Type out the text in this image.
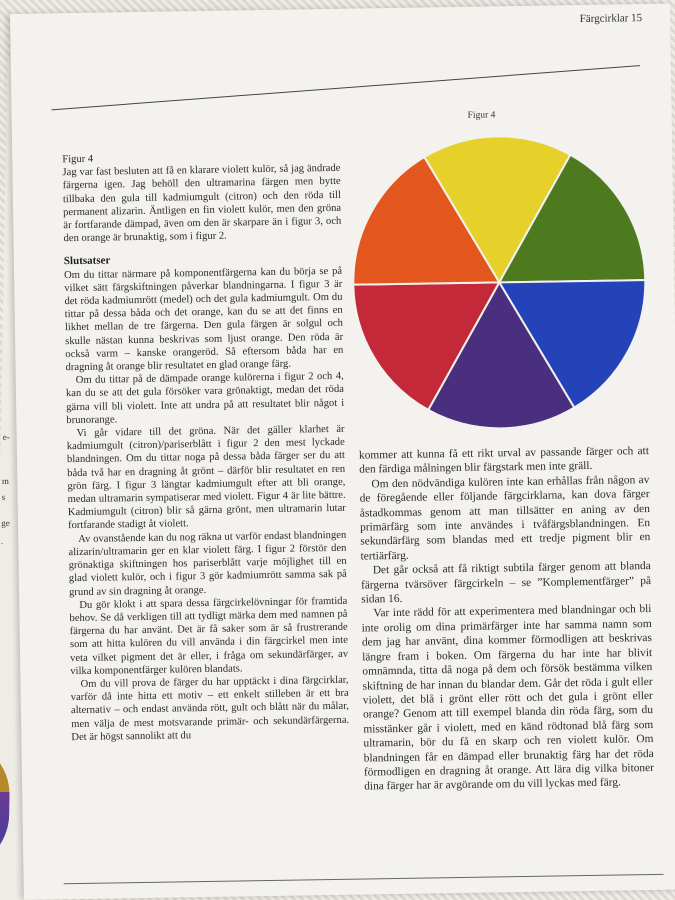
e-
m
s
ge
.
Färgcirklar 15
Figur 4
Figur 4

Jag var fast besluten att få en klarare violett kulör, så jag ändrade färgerna igen. Jag behöll den ultramarina färgen men bytte tillbaka den gula till kadmiumgult (citron) och den röda till permanent alizarin. Äntligen en fin violett kulör, men den gröna är fortfarande dämpad, även om den är skarpare än i figur 3, och den orange är brunaktig, som i figur 2.

Slutsatser

Om du tittar närmare på komponentfärgerna kan du börja se på vilket sätt färgskiftningen påverkar blandningarna. I figur 3 är det röda kadmiumrött (medel) och det gula kadmiumgult. Om du tittar på dessa båda och det orange, kan du se att det finns en likhet mellan de tre färgerna. Den gula färgen är solgul och skulle nästan kunna beskrivas som ljust orange. Den röda är också varm – kanske orangeröd. Så eftersom båda har en dragning åt orange blir resultatet en glad orange färg.

Om du tittar på de dämpade orange kulörerna i figur 2 och 4, kan du se att det gula försöker vara grönaktigt, medan det röda gärna vill bli violett. Inte att undra på att resultatet blir något i brunorange.

Vi går vidare till det gröna. När det gäller klarhet är kadmiumgult (citron)/pariserblått i figur 2 den mest lyckade blandningen. Om du tittar noga på dessa båda färger ser du att båda två har en dragning åt grönt – därför blir resultatet en ren grön färg. I figur 3 längtar kadmiumgult efter att bli orange, medan ultramarin sympatiserar med violett. Figur 4 är lite bättre. Kadmiumgult (citron) blir så gärna grönt, men ultramarin lutar fortfarande stadigt åt violett.

Av ovanstående kan du nog räkna ut varför endast blandningen alizarin/ultramarin ger en klar violett färg. I figur 2 förstör den grönaktiga skiftningen hos pariserblått varje möjlighet till en glad violett kulör, och i figur 3 gör kadmiumrött samma sak på grund av sin dragning åt orange.

Du gör klokt i att spara dessa färgcirkelövningar för framtida behov. Se då verkligen till att tydligt märka dem med namnen på färgerna du har använt. Det är få saker som är så frustrerande som att hitta kulören du vill använda i din färgcirkel men inte veta vilket pigment det är eller, i fråga om sekundärfärger, av vilka komponentfärger kulören blandats.

Om du vill prova de färger du har upptäckt i dina färgcirklar, varför då inte hitta ett motiv – ett enkelt stilleben är ett bra alternativ – och endast använda rött, gult och blått när du målar, men välja de mest motsvarande primär- och sekundärfärgerna. Det är högst sannolikt att du

kommer att kunna få ett rikt urval av passande färger och att den färdiga målningen blir färgstark men inte gräll.

Om den nödvändiga kulören inte kan erhållas från någon av de föregående eller följande färgcirklarna, kan dova färger åstadkommas genom att man tillsätter en aning av den primärfärg som inte användes i tvåfärgsblandningen. En sekundärfärg som blandas med ett tredje pigment blir en tertiärfärg.

Det går också att få riktigt subtila färger genom att blanda färgerna tvärsöver färgcirkeln – se ”Komplementfärger” på sidan 16.

Var inte rädd för att experimentera med blandningar och bli inte orolig om dina primärfärger inte har samma namn som dem jag har använt, dina kommer förmodligen att beskrivas längre fram i boken. Om färgerna du har inte har blivit omnämnda, titta då noga på dem och försök bestämma vilken skiftning de har innan du blandar dem. Går det röda i gult eller violett, det blå i grönt eller rött och det gula i grönt eller orange? Genom att till exempel blanda din röda färg, som du misstänker går i violett, med en känd rödtonad blå färg som ultramarin, bör du få en skarp och ren violett kulör. Om blandningen får en dämpad eller brunaktig färg har det röda förmodligen en dragning åt orange. Att lära dig vilka bitoner dina färger har är avgörande om du vill lyckas med färg.
